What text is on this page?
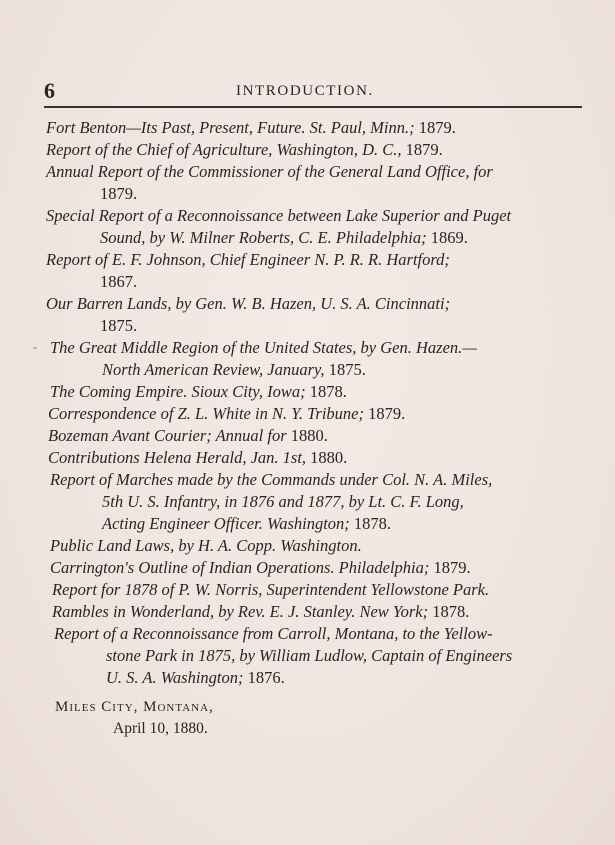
6	INTRODUCTION.
-
Fort Benton—Its Past, Present, Future. St. Paul, Minn.; 1879.
Report of the Chief of Agriculture, Washington, D. C., 1879.
Annual Report of the Commissioner of the General Land Office, for
1879.
Special Report of a Reconnoissance between Lake Superior and Puget
Sound, by W. Milner Roberts, C. E. Philadelphia; 1869.
Report of E. F. Johnson, Chief Engineer N. P. R. R. Hartford;
1867.
Our Barren Lands, by Gen. W. B. Hazen, U. S. A. Cincinnati;
1875.
The Great Middle Region of the United States, by Gen. Hazen.—
North American Review, January, 1875.
The Coming Empire. Sioux City, Iowa; 1878.
Correspondence of Z. L. White in N. Y. Tribune; 1879.
Bozeman Avant Courier; Annual for 1880.
Contributions Helena Herald, Jan. 1st, 1880.
Report of Marches made by the Commands under Col. N. A. Miles,
5th U. S. Infantry, in 1876 and 1877, by Lt. C. F. Long,
Acting Engineer Officer. Washington; 1878.
Public Land Laws, by H. A. Copp. Washington.
Carrington's Outline of Indian Operations. Philadelphia; 1879.
Report for 1878 of P. W. Norris, Superintendent Yellowstone Park.
Rambles in Wonderland, by Rev. E. J. Stanley. New York; 1878.
Report of a Reconnoissance from Carroll, Montana, to the Yellow-
stone Park in 1875, by William Ludlow, Captain of Engineers
U. S. A. Washington; 1876.
Miles City, Montana,
April 10, 1880.
